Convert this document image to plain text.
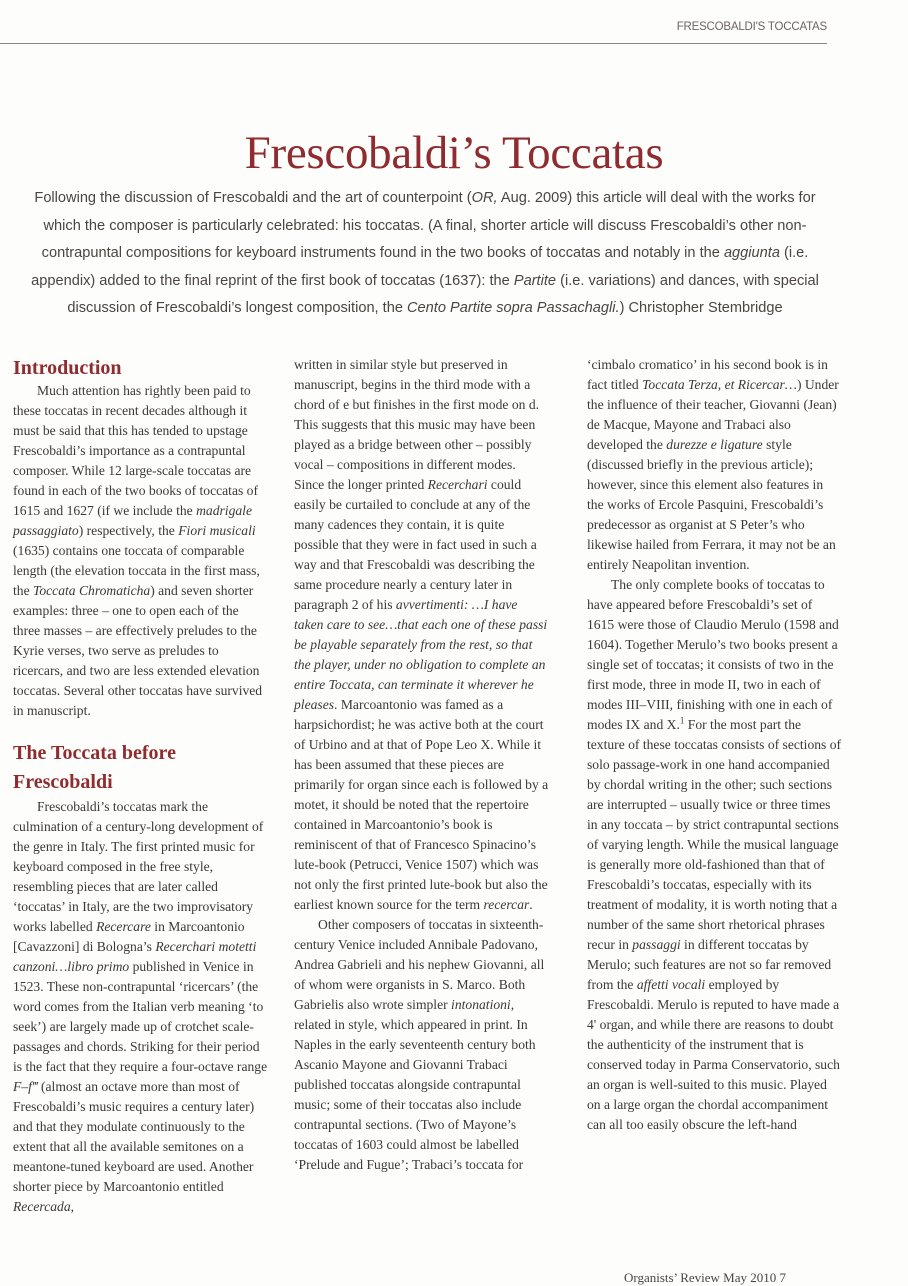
FRESCOBALDI'S TOCCATAS
Frescobaldi’s Toccatas

Following the discussion of Frescobaldi and the art of counterpoint (OR, Aug. 2009) this article will deal with the works for which the composer is particularly celebrated: his toccatas. (A final, shorter article will discuss Frescobaldi’s other non-contrapuntal compositions for keyboard instruments found in the two books of toccatas and notably in the aggiunta (i.e. appendix) added to the final reprint of the first book of toccatas (1637): the Partite (i.e. variations) and dances, with special discussion of Frescobaldi’s longest composition, the Cento Partite sopra Passachagli.) Christopher Stembridge

Introduction

Much attention has rightly been paid to these toccatas in recent decades although it must be said that this has tended to upstage Frescobaldi’s importance as a contrapuntal composer. While 12 large-scale toccatas are found in each of the two books of toccatas of 1615 and 1627 (if we include the madrigale passaggiato) respectively, the Fiori musicali (1635) contains one toccata of comparable length (the elevation toccata in the first mass, the Toccata Chromaticha) and seven shorter examples: three – one to open each of the three masses – are effectively preludes to the Kyrie verses, two serve as preludes to ricercars, and two are less extended elevation toccatas. Several other toccatas have survived in manuscript.

The Toccata before Frescobaldi

Frescobaldi’s toccatas mark the culmination of a century-long development of the genre in Italy. The first printed music for keyboard composed in the free style, resembling pieces that are later called ‘toccatas’ in Italy, are the two improvisatory works labelled Recercare in Marcoantonio [Cavazzoni] di Bologna’s Recerchari motetti canzoni…libro primo published in Venice in 1523. These non-contrapuntal ‘ricercars’ (the word comes from the Italian verb meaning ‘to seek’) are largely made up of crotchet scale-passages and chords. Striking for their period is the fact that they require a four-octave range F–f‴ (almost an octave more than most of Frescobaldi’s music requires a century later) and that they modulate continuously to the extent that all the available semitones on a meantone-tuned keyboard are used. Another shorter piece by Marcoantonio entitled Recercada,

written in similar style but preserved in manuscript, begins in the third mode with a chord of e but finishes in the first mode on d. This suggests that this music may have been played as a bridge between other – possibly vocal – compositions in different modes. Since the longer printed Recerchari could easily be curtailed to conclude at any of the many cadences they contain, it is quite possible that they were in fact used in such a way and that Frescobaldi was describing the same procedure nearly a century later in paragraph 2 of his avvertimenti: …I have taken care to see…that each one of these passi be playable separately from the rest, so that the player, under no obligation to complete an entire Toccata, can terminate it wherever he pleases. Marcoantonio was famed as a harpsichordist; he was active both at the court of Urbino and at that of Pope Leo X. While it has been assumed that these pieces are primarily for organ since each is followed by a motet, it should be noted that the repertoire contained in Marcoantonio’s book is reminiscent of that of Francesco Spinacino’s lute-book (Petrucci, Venice 1507) which was not only the first printed lute-book but also the earliest known source for the term recercar.

Other composers of toccatas in sixteenth-century Venice included Annibale Padovano, Andrea Gabrieli and his nephew Giovanni, all of whom were organists in S. Marco. Both Gabrielis also wrote simpler intonationi, related in style, which appeared in print. In Naples in the early seventeenth century both Ascanio Mayone and Giovanni Trabaci published toccatas alongside contrapuntal music; some of their toccatas also include contrapuntal sections. (Two of Mayone’s toccatas of 1603 could almost be labelled ‘Prelude and Fugue’; Trabaci’s toccata for

‘cimbalo cromatico’ in his second book is in fact titled Toccata Terza, et Ricercar…) Under the influence of their teacher, Giovanni (Jean) de Macque, Mayone and Trabaci also developed the durezze e ligature style (discussed briefly in the previous article); however, since this element also features in the works of Ercole Pasquini, Frescobaldi’s predecessor as organist at S Peter’s who likewise hailed from Ferrara, it may not be an entirely Neapolitan invention.

The only complete books of toccatas to have appeared before Frescobaldi’s set of 1615 were those of Claudio Merulo (1598 and 1604). Together Merulo’s two books present a single set of toccatas; it consists of two in the first mode, three in mode II, two in each of modes III–VIII, finishing with one in each of modes IX and X.$^1$ For the most part the texture of these toccatas consists of sections of solo passage-work in one hand accompanied by chordal writing in the other; such sections are interrupted – usually twice or three times in any toccata – by strict contrapuntal sections of varying length. While the musical language is generally more old-fashioned than that of Frescobaldi’s toccatas, especially with its treatment of modality, it is worth noting that a number of the same short rhetorical phrases recur in passaggi in different toccatas by Merulo; such features are not so far removed from the affetti vocali employed by Frescobaldi. Merulo is reputed to have made a 4' organ, and while there are reasons to doubt the authenticity of the instrument that is conserved today in Parma Conservatorio, such an organ is well-suited to this music. Played on a large organ the chordal accompaniment can all too easily obscure the left-hand

Organists’ Review May 2010 7
